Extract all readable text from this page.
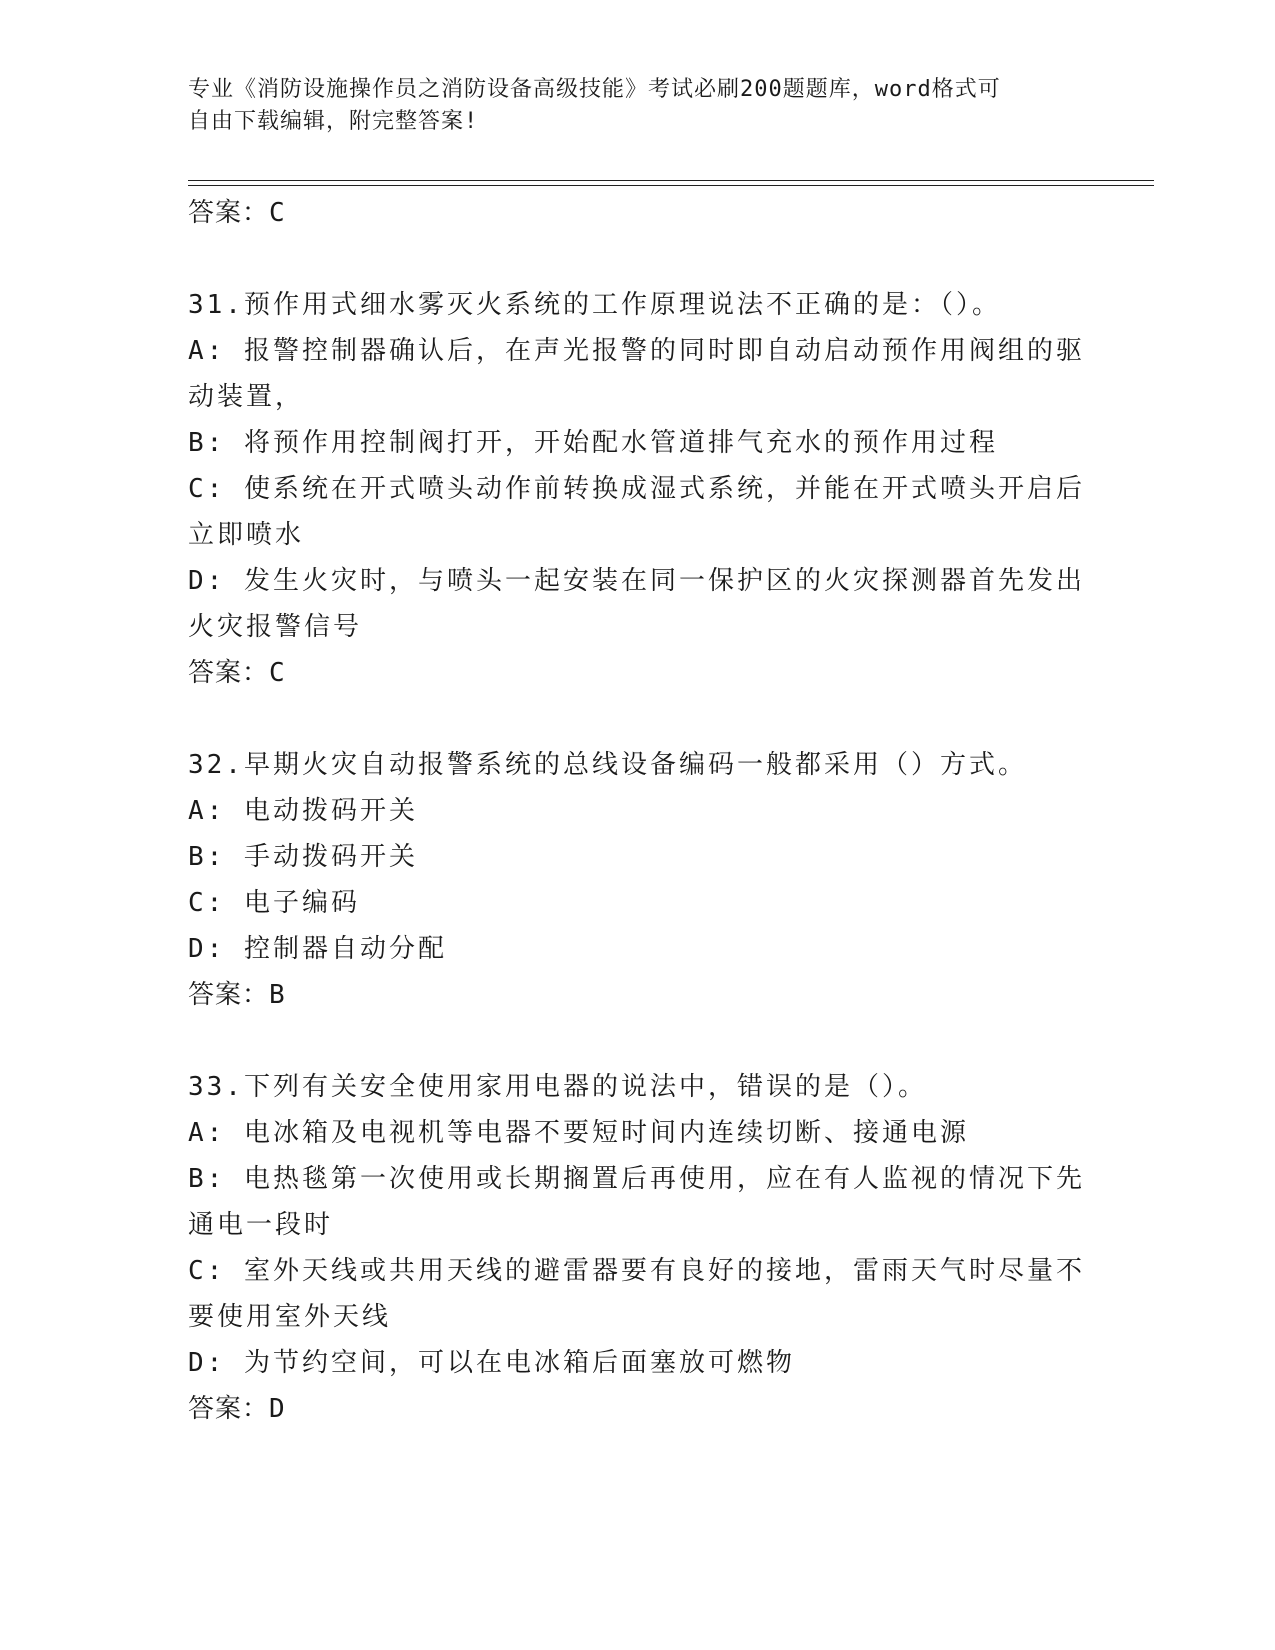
专业《消防设施操作员之消防设备高级技能》考试必刷200题题库，word格式可
自由下载编辑，附完整答案!
答案：C
31.预作用式细水雾灭火系统的工作原理说法不正确的是：（）。
A: 报警控制器确认后，在声光报警的同时即自动启动预作用阀组的驱
动装置，
B: 将预作用控制阀打开，开始配水管道排气充水的预作用过程
C: 使系统在开式喷头动作前转换成湿式系统，并能在开式喷头开启后
立即喷水
D: 发生火灾时，与喷头一起安装在同一保护区的火灾探测器首先发出
火灾报警信号
答案：C
32.早期火灾自动报警系统的总线设备编码一般都采用（）方式。
A: 电动拨码开关
B: 手动拨码开关
C: 电子编码
D: 控制器自动分配
答案：B
33.下列有关安全使用家用电器的说法中，错误的是（）。
A: 电冰箱及电视机等电器不要短时间内连续切断、接通电源
B: 电热毯第一次使用或长期搁置后再使用，应在有人监视的情况下先
通电一段时
C: 室外天线或共用天线的避雷器要有良好的接地，雷雨天气时尽量不
要使用室外天线
D: 为节约空间，可以在电冰箱后面塞放可燃物
答案：D
